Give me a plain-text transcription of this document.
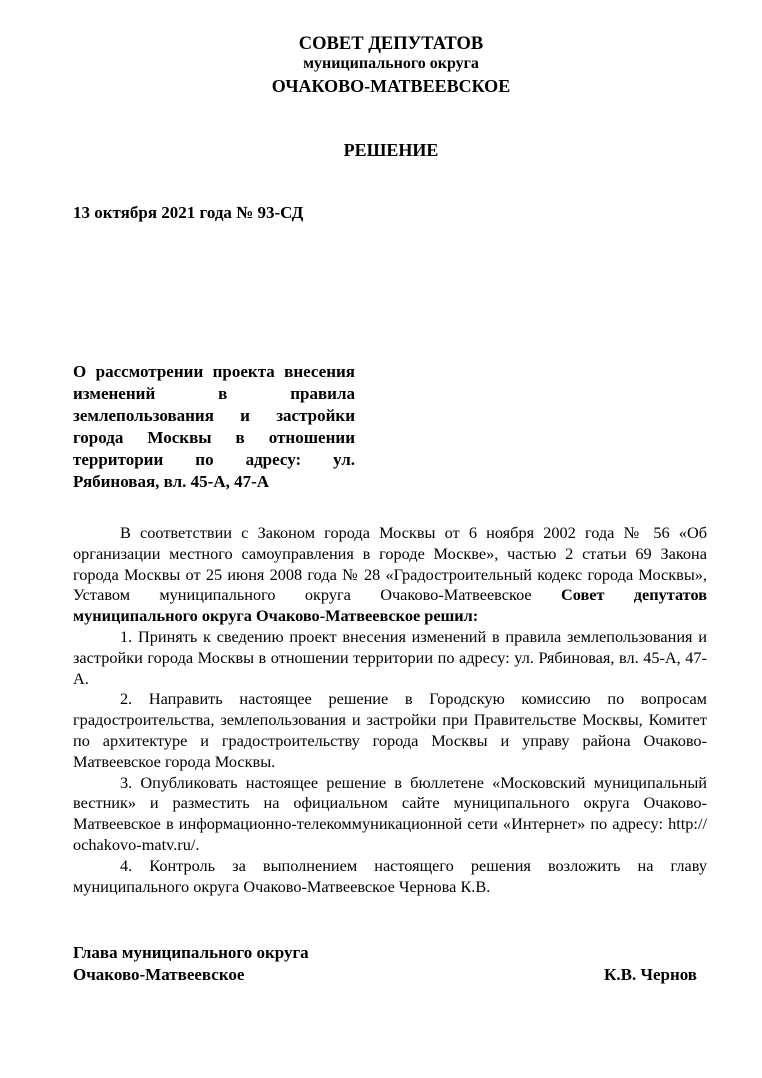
СОВЕТ ДЕПУТАТОВ
муниципального округа
ОЧАКОВО-МАТВЕЕВСКОЕ
РЕШЕНИЕ
13 октября 2021 года № 93-СД
О рассмотрении проекта внесения изменений в правила землепользования и застройки города Москвы в отношении территории по адресу: ул. Рябиновая, вл. 45-А, 47-А

В соответствии с Законом города Москвы от 6 ноября 2002 года № 56 «Об организации местного самоуправления в городе Москве», частью 2 статьи 69 Закона города Москвы от 25 июня 2008 года № 28 «Градостроительный кодекс города Москвы», Уставом муниципального округа Очаково-Матвеевское Совет депутатов муниципального округа Очаково-Матвеевское решил:

1. Принять к сведению проект внесения изменений в правила землепользования и застройки города Москвы в отношении территории по адресу: ул. Рябиновая, вл. 45-А, 47-А.

2. Направить настоящее решение в Городскую комиссию по вопросам градостроительства, землепользования и застройки при Правительстве Москвы, Комитет по архитектуре и градостроительству города Москвы и управу района Очаково-Матвеевское города Москвы.

3. Опубликовать настоящее решение в бюллетене «Московский муниципальный вестник» и разместить на официальном сайте муниципального округа Очаково-Матвеевское в информационно-телекоммуникационной сети «Интернет» по адресу: http:// ochakovo-matv.ru/.

4. Контроль за выполнением настоящего решения возложить на главу муниципального округа Очаково-Матвеевское Чернова К.В.

Глава муниципального округа
Очаково-Матвеевское	К.В. Чернов
